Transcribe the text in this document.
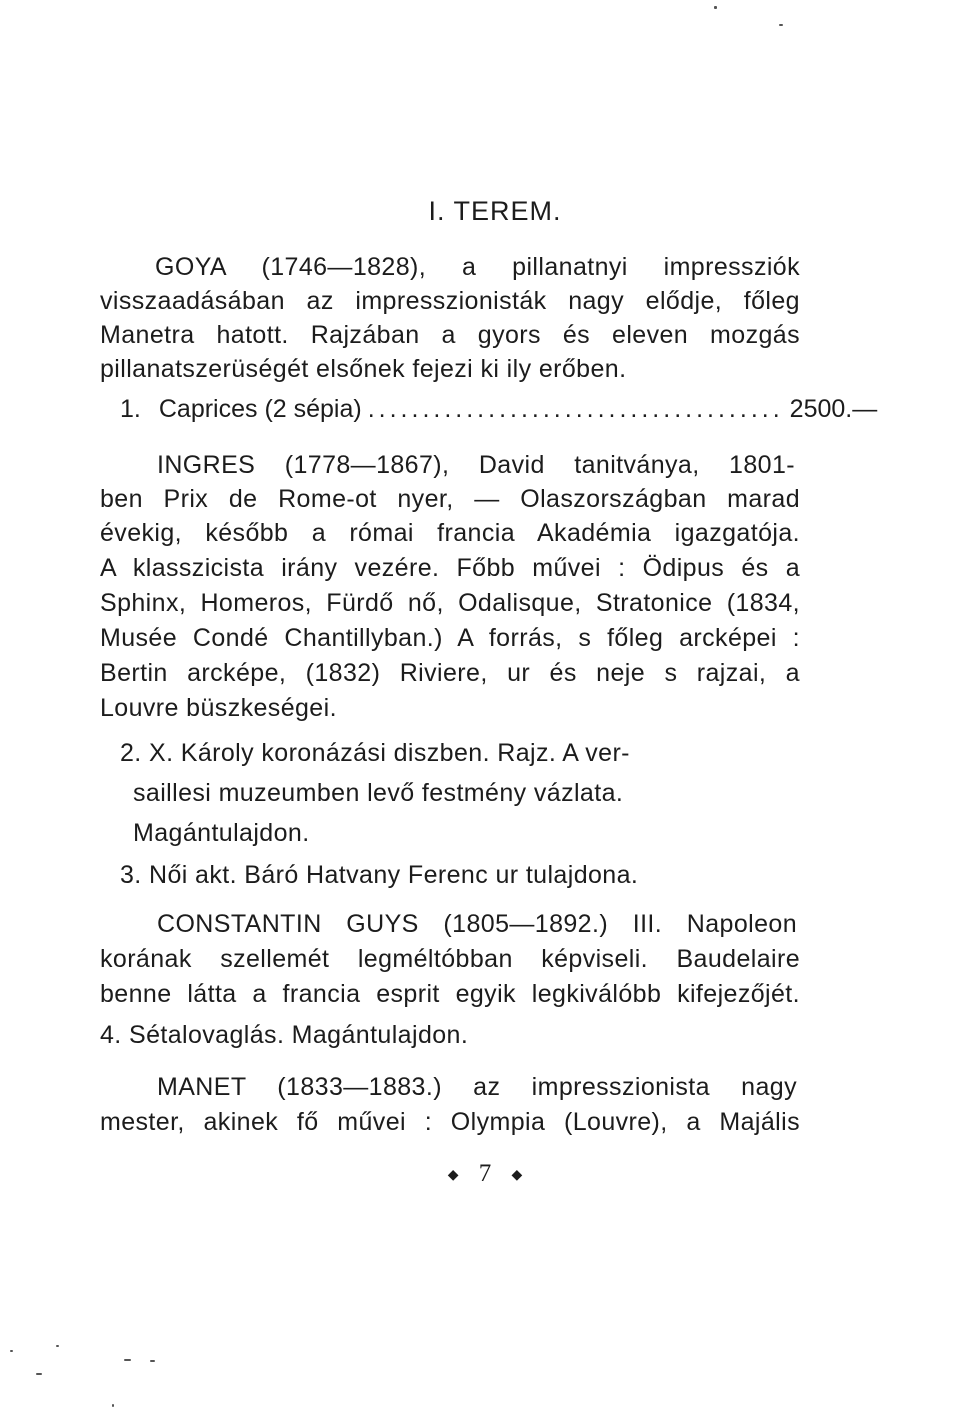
I. TEREM.
GOYA (1746—1828), a pillanatnyi impressziók
visszaadásában az impresszionisták nagy elődje, főleg
Manetra hatott. Rajzában a gyors és eleven mozgás
pillanatszerüségét elsőnek fejezi ki ily erőben.
1. Caprices (2 sépia) ...................................... 2500.—
INGRES (1778—1867), David tanitványa, 1801-
ben Prix de Rome-ot nyer, — Olaszországban marad
évekig, később a római francia Akadémia igazgatója.
A klasszicista irány vezére. Főbb művei : Ödipus és a
Sphinx, Homeros, Fürdő nő, Odalisque, Stratonice (1834,
Musée Condé Chantillyban.) A forrás, s főleg arcképei :
Bertin arcképe, (1832) Riviere, ur és neje s rajzai, a
Louvre büszkeségei.
2. X. Károly koronázási diszben. Rajz. A ver-
saillesi muzeumben levő festmény vázlata.
Magántulajdon.
3. Női akt. Báró Hatvany Ferenc ur tulajdona.
CONSTANTIN GUYS (1805—1892.) III. Napoleon
korának szellemét legméltóbban képviseli. Baudelaire
benne látta a francia esprit egyik legkiválóbb kifejezőjét.
4. Sétalovaglás. Magántulajdon.
MANET (1833—1883.) az impresszionista nagy
mester, akinek fő művei : Olympia (Louvre), a Majális
◆ 7 ◆
